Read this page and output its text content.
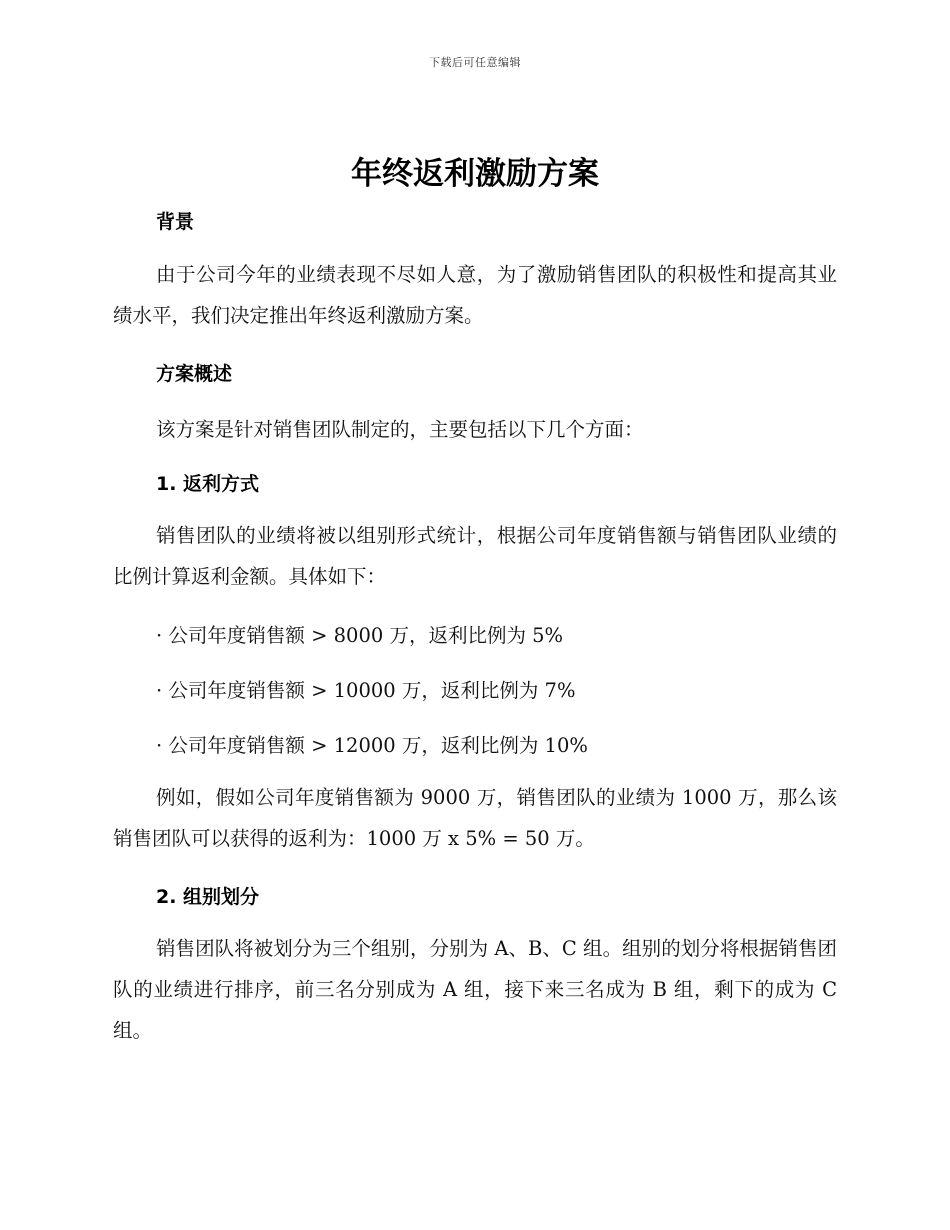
下载后可任意编辑
年终返利激励方案
背景

由于公司今年的业绩表现不尽如人意，为了激励销售团队的积极性和提高其业绩水平，我们决定推出年终返利激励方案。

方案概述

该方案是针对销售团队制定的，主要包括以下几个方面：

1. 返利方式

销售团队的业绩将被以组别形式统计，根据公司年度销售额与销售团队业绩的比例计算返利金额。具体如下：

· 公司年度销售额 > 8000 万，返利比例为 5%

· 公司年度销售额 > 10000 万，返利比例为 7%

· 公司年度销售额 > 12000 万，返利比例为 10%

例如，假如公司年度销售额为 9000 万，销售团队的业绩为 1000 万，那么该销售团队可以获得的返利为：1000 万 x 5% = 50 万。

2. 组别划分

销售团队将被划分为三个组别，分别为 A、B、C 组。组别的划分将根据销售团队的业绩进行排序，前三名分别成为 A 组，接下来三名成为 B 组，剩下的成为 C 组。
